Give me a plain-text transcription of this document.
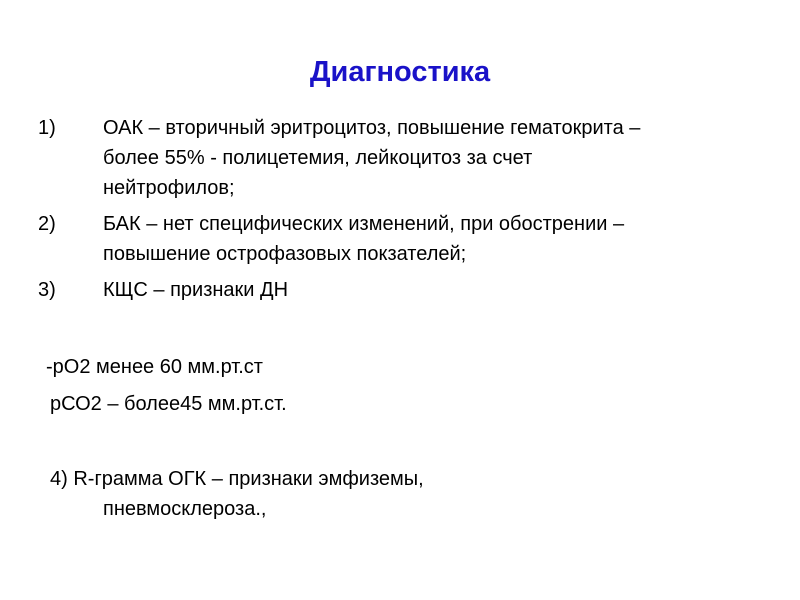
Диагностика
1) ОАК – вторичный эритроцитоз, повышение гематокрита – более 55% - полицетемия, лейкоцитоз за счет нейтрофилов;
2) БАК – нет специфических изменений, при обострении – повышение острофазовых покзателей;
3) КЩС – признаки ДН
-рО2 менее 60 мм.рт.ст
рСО2 – более45 мм.рт.ст.
4) R-грамма ОГК – признаки эмфиземы,
пневмосклероза.,
